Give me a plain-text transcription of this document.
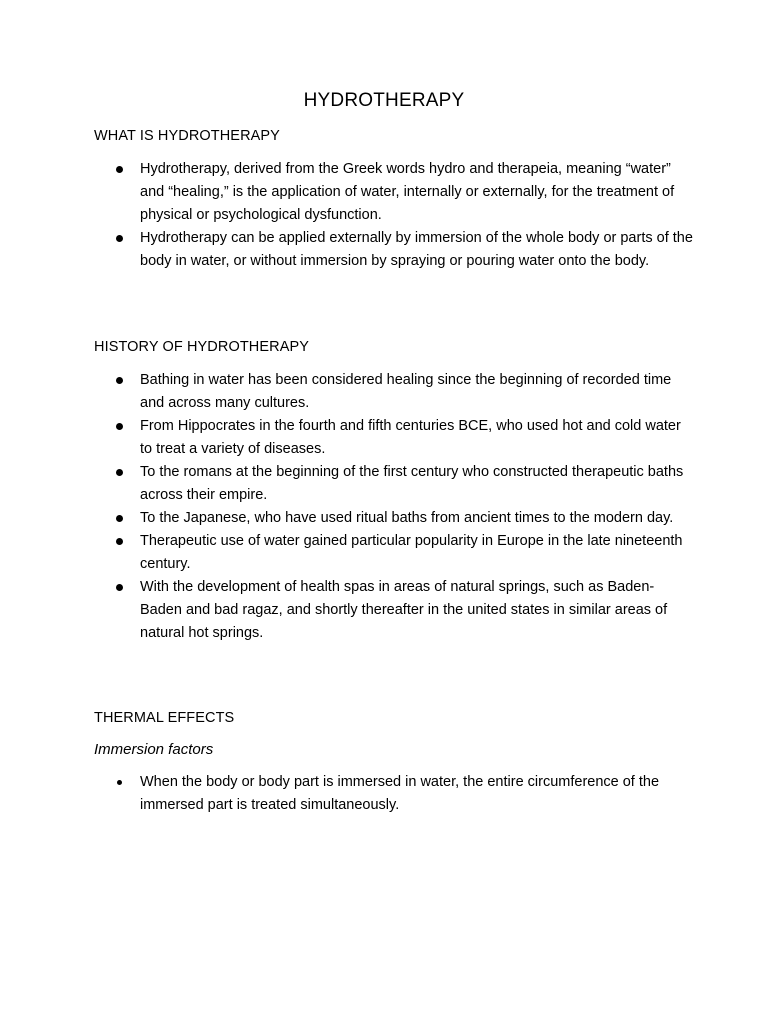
HYDROTHERAPY
WHAT IS HYDROTHERAPY
Hydrotherapy, derived from the Greek words hydro and therapeia, meaning “water” and “healing,” is the application of water, internally or externally, for the treatment of physical or psychological dysfunction.
Hydrotherapy can be applied externally by immersion of the whole body or parts of the body in water, or without immersion by spraying or pouring water onto the body.
HISTORY OF HYDROTHERAPY
Bathing in water has been considered healing since the beginning of recorded time and across many cultures.
From Hippocrates in the fourth and fifth centuries BCE, who used hot and cold water to treat a variety of diseases.
To the romans at the beginning of the first century who constructed therapeutic baths across their empire.
To the Japanese, who have used ritual baths from ancient times to the modern day.
Therapeutic use of water gained particular popularity in Europe in the late nineteenth century.
With the development of health spas in areas of natural springs, such as Baden-Baden and bad ragaz, and shortly thereafter in the united states in similar areas of natural hot springs.
THERMAL EFFECTS
Immersion factors
When the body or body part is immersed in water, the entire circumference of the immersed part is treated simultaneously.
